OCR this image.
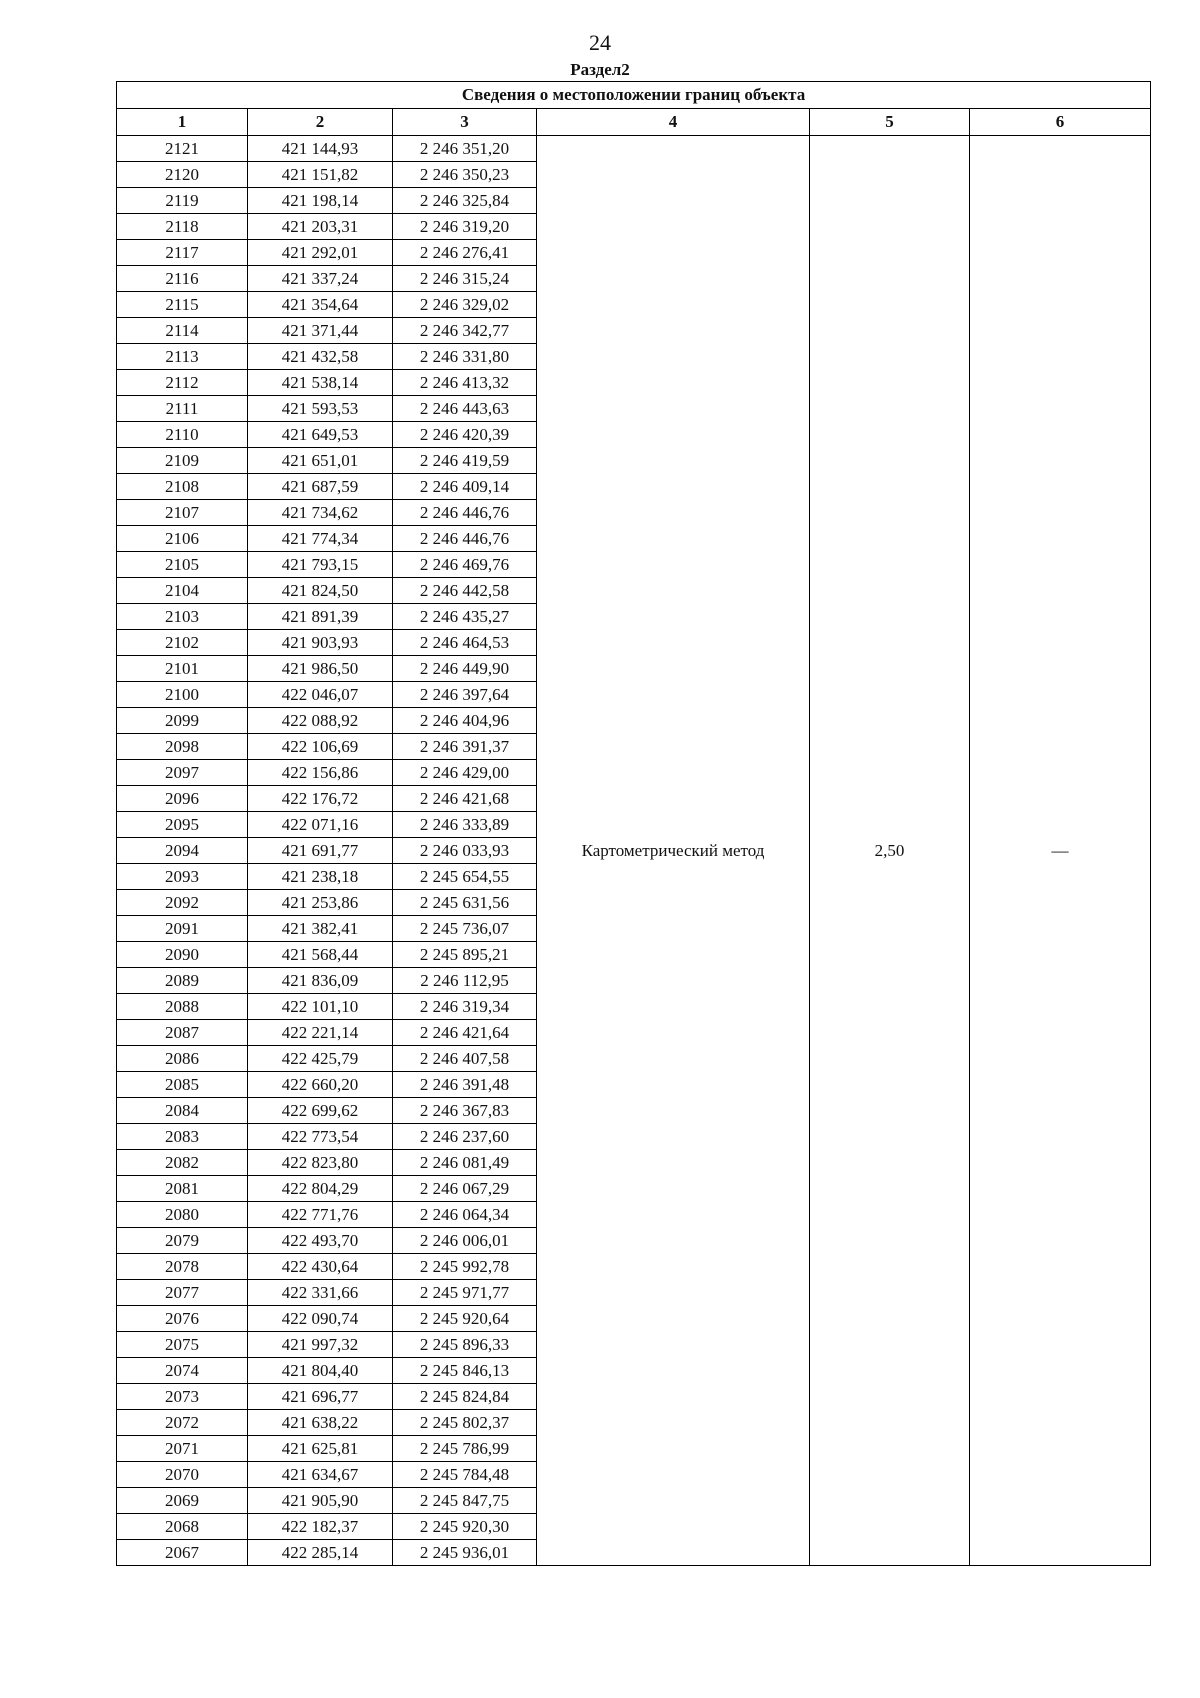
24
Раздел2
Сведения о местоположении границ объекта					
1	2	3	4	5	6
2121	421 144,93	2 246 351,20	Картометрический метод	2,50	—
2120	421 151,82	2 246 350,23			
2119	421 198,14	2 246 325,84			
2118	421 203,31	2 246 319,20			
2117	421 292,01	2 246 276,41			
2116	421 337,24	2 246 315,24			
2115	421 354,64	2 246 329,02			
2114	421 371,44	2 246 342,77			
2113	421 432,58	2 246 331,80			
2112	421 538,14	2 246 413,32			
2111	421 593,53	2 246 443,63			
2110	421 649,53	2 246 420,39			
2109	421 651,01	2 246 419,59			
2108	421 687,59	2 246 409,14			
2107	421 734,62	2 246 446,76			
2106	421 774,34	2 246 446,76			
2105	421 793,15	2 246 469,76			
2104	421 824,50	2 246 442,58			
2103	421 891,39	2 246 435,27			
2102	421 903,93	2 246 464,53			
2101	421 986,50	2 246 449,90			
2100	422 046,07	2 246 397,64			
2099	422 088,92	2 246 404,96			
2098	422 106,69	2 246 391,37			
2097	422 156,86	2 246 429,00			
2096	422 176,72	2 246 421,68			
2095	422 071,16	2 246 333,89			
2094	421 691,77	2 246 033,93			
2093	421 238,18	2 245 654,55			
2092	421 253,86	2 245 631,56			
2091	421 382,41	2 245 736,07			
2090	421 568,44	2 245 895,21			
2089	421 836,09	2 246 112,95			
2088	422 101,10	2 246 319,34			
2087	422 221,14	2 246 421,64			
2086	422 425,79	2 246 407,58			
2085	422 660,20	2 246 391,48			
2084	422 699,62	2 246 367,83			
2083	422 773,54	2 246 237,60			
2082	422 823,80	2 246 081,49			
2081	422 804,29	2 246 067,29			
2080	422 771,76	2 246 064,34			
2079	422 493,70	2 246 006,01			
2078	422 430,64	2 245 992,78			
2077	422 331,66	2 245 971,77			
2076	422 090,74	2 245 920,64			
2075	421 997,32	2 245 896,33			
2074	421 804,40	2 245 846,13			
2073	421 696,77	2 245 824,84			
2072	421 638,22	2 245 802,37			
2071	421 625,81	2 245 786,99			
2070	421 634,67	2 245 784,48			
2069	421 905,90	2 245 847,75			
2068	422 182,37	2 245 920,30			
2067	422 285,14	2 245 936,01			
